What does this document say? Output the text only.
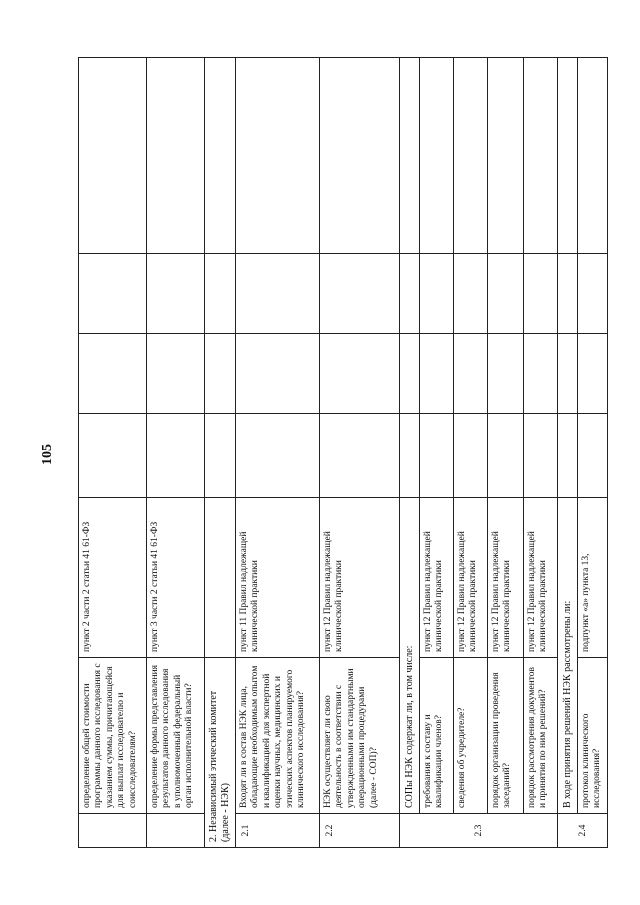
105
	определение общей стоимости программы данного исследования с указанием суммы, причитающейся для выплат исследователю и соисследователям?	пункт 2 части 2 статьи 41 61-ФЗ				
	определение формы представления результатов данного исследования в уполномоченный федеральный орган исполнительной власти?	пункт 3 части 2 статьи 41 61-ФЗ				
2. Независимый этический комитет (далее - НЭК)						
2.1	Входят ли в состав НЭК лица, обладающие необходимым опытом и квалификацией для экспертной оценки научных, медицинских и этических аспектов планируемого клинического исследования?	пункт 11 Правил надлежащей клинической практики				
2.2	НЭК осуществляет ли свою деятельность в соответствии с утвержденными им стандартными операционными процедурами (далее - СОП)?	пункт 12 Правил надлежащей клинической практики				
2.3	СОПы НЭК содержат ли, в том числе:					
	требования к составу и квалификации членов?	пункт 12 Правил надлежащей клинической практики				
	сведения об учредителе?	пункт 12 Правил надлежащей клинической практики				
	порядок организации проведения заседаний?	пункт 12 Правил надлежащей клинической практики				
	порядок рассмотрения документов и принятия по ним решений?	пункт 12 Правил надлежащей клинической практики				
2.4	В ходе принятия решений НЭК рассмотрены ли:					
	протокол клинического исследования?	подпункт «а» пункта 13,				
